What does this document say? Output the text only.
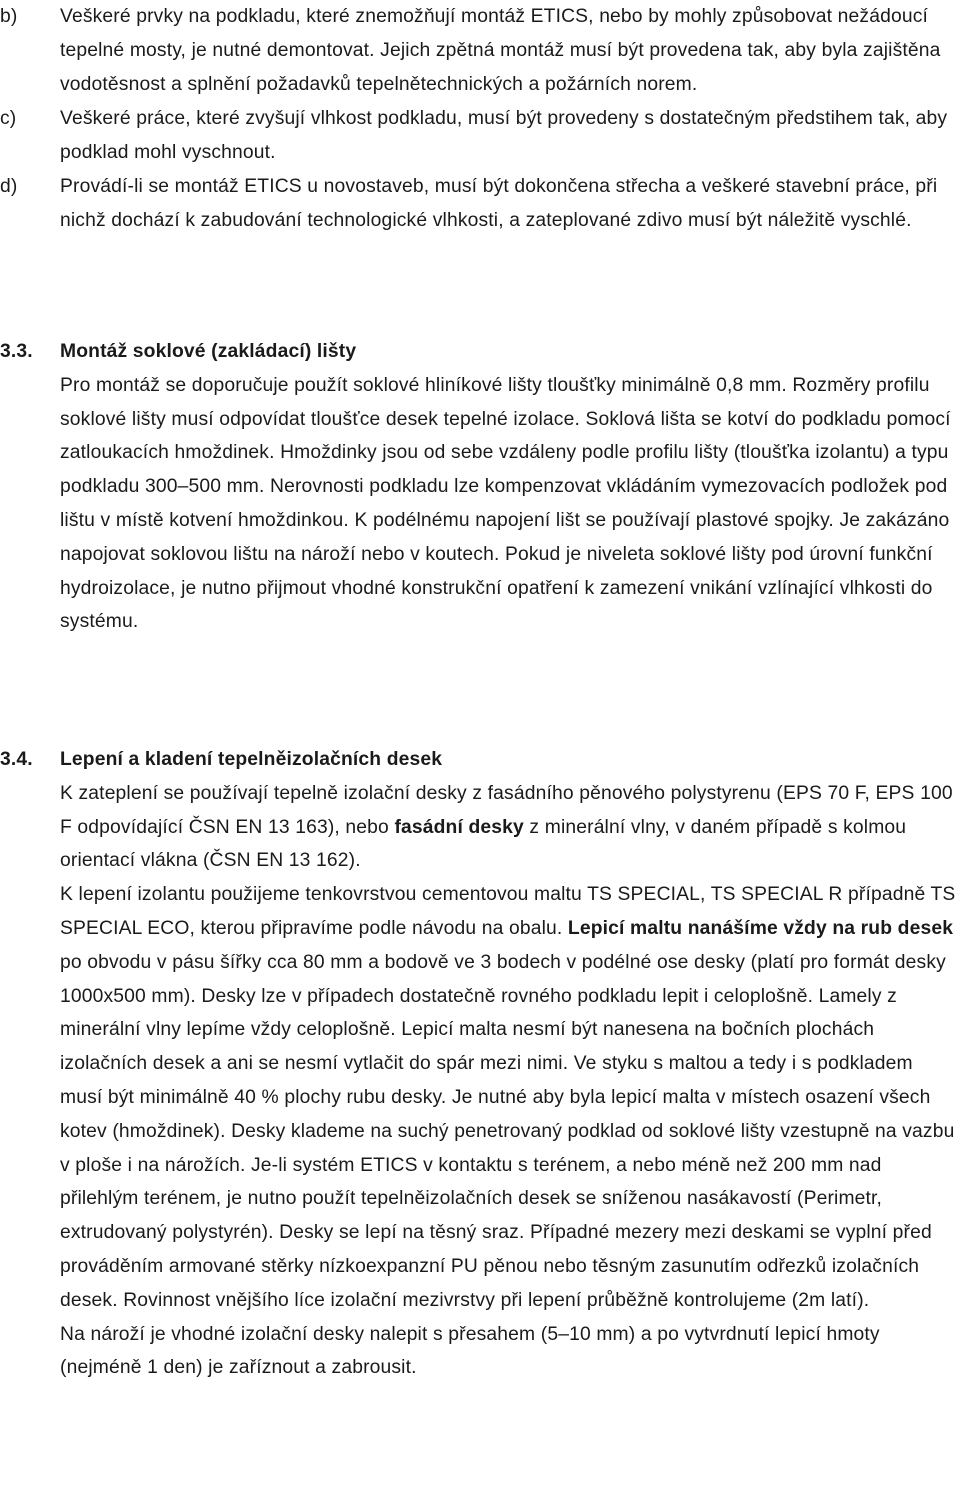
b) Veškeré prvky na podkladu, které znemožňují montáž ETICS, nebo by mohly způsobovat nežádoucí tepelné mosty, je nutné demontovat. Jejich zpětná montáž musí být provedena tak, aby byla zajištěna vodotěsnost a splnění požadavků tepelnětechnických a požárních norem.
c) Veškeré práce, které zvyšují vlhkost podkladu, musí být provedeny s dostatečným předstihem tak, aby podklad mohl vyschnout.
d) Provádí-li se montáž ETICS u novostaveb, musí být dokončena střecha a veškeré stavební práce, při nichž dochází k zabudování technologické vlhkosti, a zateplované zdivo musí být náležitě vyschlé.
3.3. Montáž soklové (zakládací) lišty

Pro montáž se doporučuje použít soklové hliníkové lišty tloušťky minimálně 0,8 mm. Rozměry profilu soklové lišty musí odpovídat tloušťce desek tepelné izolace. Soklová lišta se kotví do podkladu pomocí zatloukacích hmoždinek. Hmoždinky jsou od sebe vzdáleny podle profilu lišty (tloušťka izolantu) a typu podkladu 300–500 mm. Nerovnosti podkladu lze kompenzovat vkládáním vymezovacích podložek pod lištu v místě kotvení hmoždinkou. K podélnému napojení lišt se používají plastové spojky. Je zakázáno napojovat soklovou lištu na nároží nebo v koutech. Pokud je niveleta soklové lišty pod úrovní funkční hydroizolace, je nutno přijmout vhodné konstrukční opatření k zamezení vnikání vzlínající vlhkosti do systému.

3.4. Lepení a kladení tepelněizolačních desek

K zateplení se používají tepelně izolační desky z fasádního pěnového polystyrenu (EPS 70 F, EPS 100 F odpovídající ČSN EN 13 163), nebo fasádní desky z minerální vlny, v daném případě s kolmou orientací vlákna (ČSN EN 13 162).

K lepení izolantu použijeme tenkovrstvou cementovou maltu TS SPECIAL, TS SPECIAL R případně TS SPECIAL ECO, kterou připravíme podle návodu na obalu. Lepicí maltu nanášíme vždy na rub desek po obvodu v pásu šířky cca 80 mm a bodově ve 3 bodech v podélné ose desky (platí pro formát desky 1000x500 mm). Desky lze v případech dostatečně rovného podkladu lepit i celoplošně. Lamely z minerální vlny lepíme vždy celoplošně. Lepicí malta nesmí být nanesena na bočních plochách izolačních desek a ani se nesmí vytlačit do spár mezi nimi. Ve styku s maltou a tedy i s podkladem musí být minimálně 40 % plochy rubu desky. Je nutné aby byla lepicí malta v místech osazení všech kotev (hmoždinek). Desky klademe na suchý penetrovaný podklad od soklové lišty vzestupně na vazbu v ploše i na nárožích. Je-li systém ETICS v kontaktu s terénem, a nebo méně než 200 mm nad přilehlým terénem, je nutno použít tepelněizolačních desek se sníženou nasákavostí (Perimetr, extrudovaný polystyrén). Desky se lepí na těsný sraz. Případné mezery mezi deskami se vyplní před prováděním armované stěrky nízkoexpanzní PU pěnou nebo těsným zasunutím odřezků izolačních desek. Rovinnost vnějšího líce izolační mezivrstvy při lepení průběžně kontrolujeme (2m latí).

Na nároží je vhodné izolační desky nalepit s přesahem (5–10 mm) a po vytvrdnutí lepicí hmoty (nejméně 1 den) je zaříznout a zabrousit.
